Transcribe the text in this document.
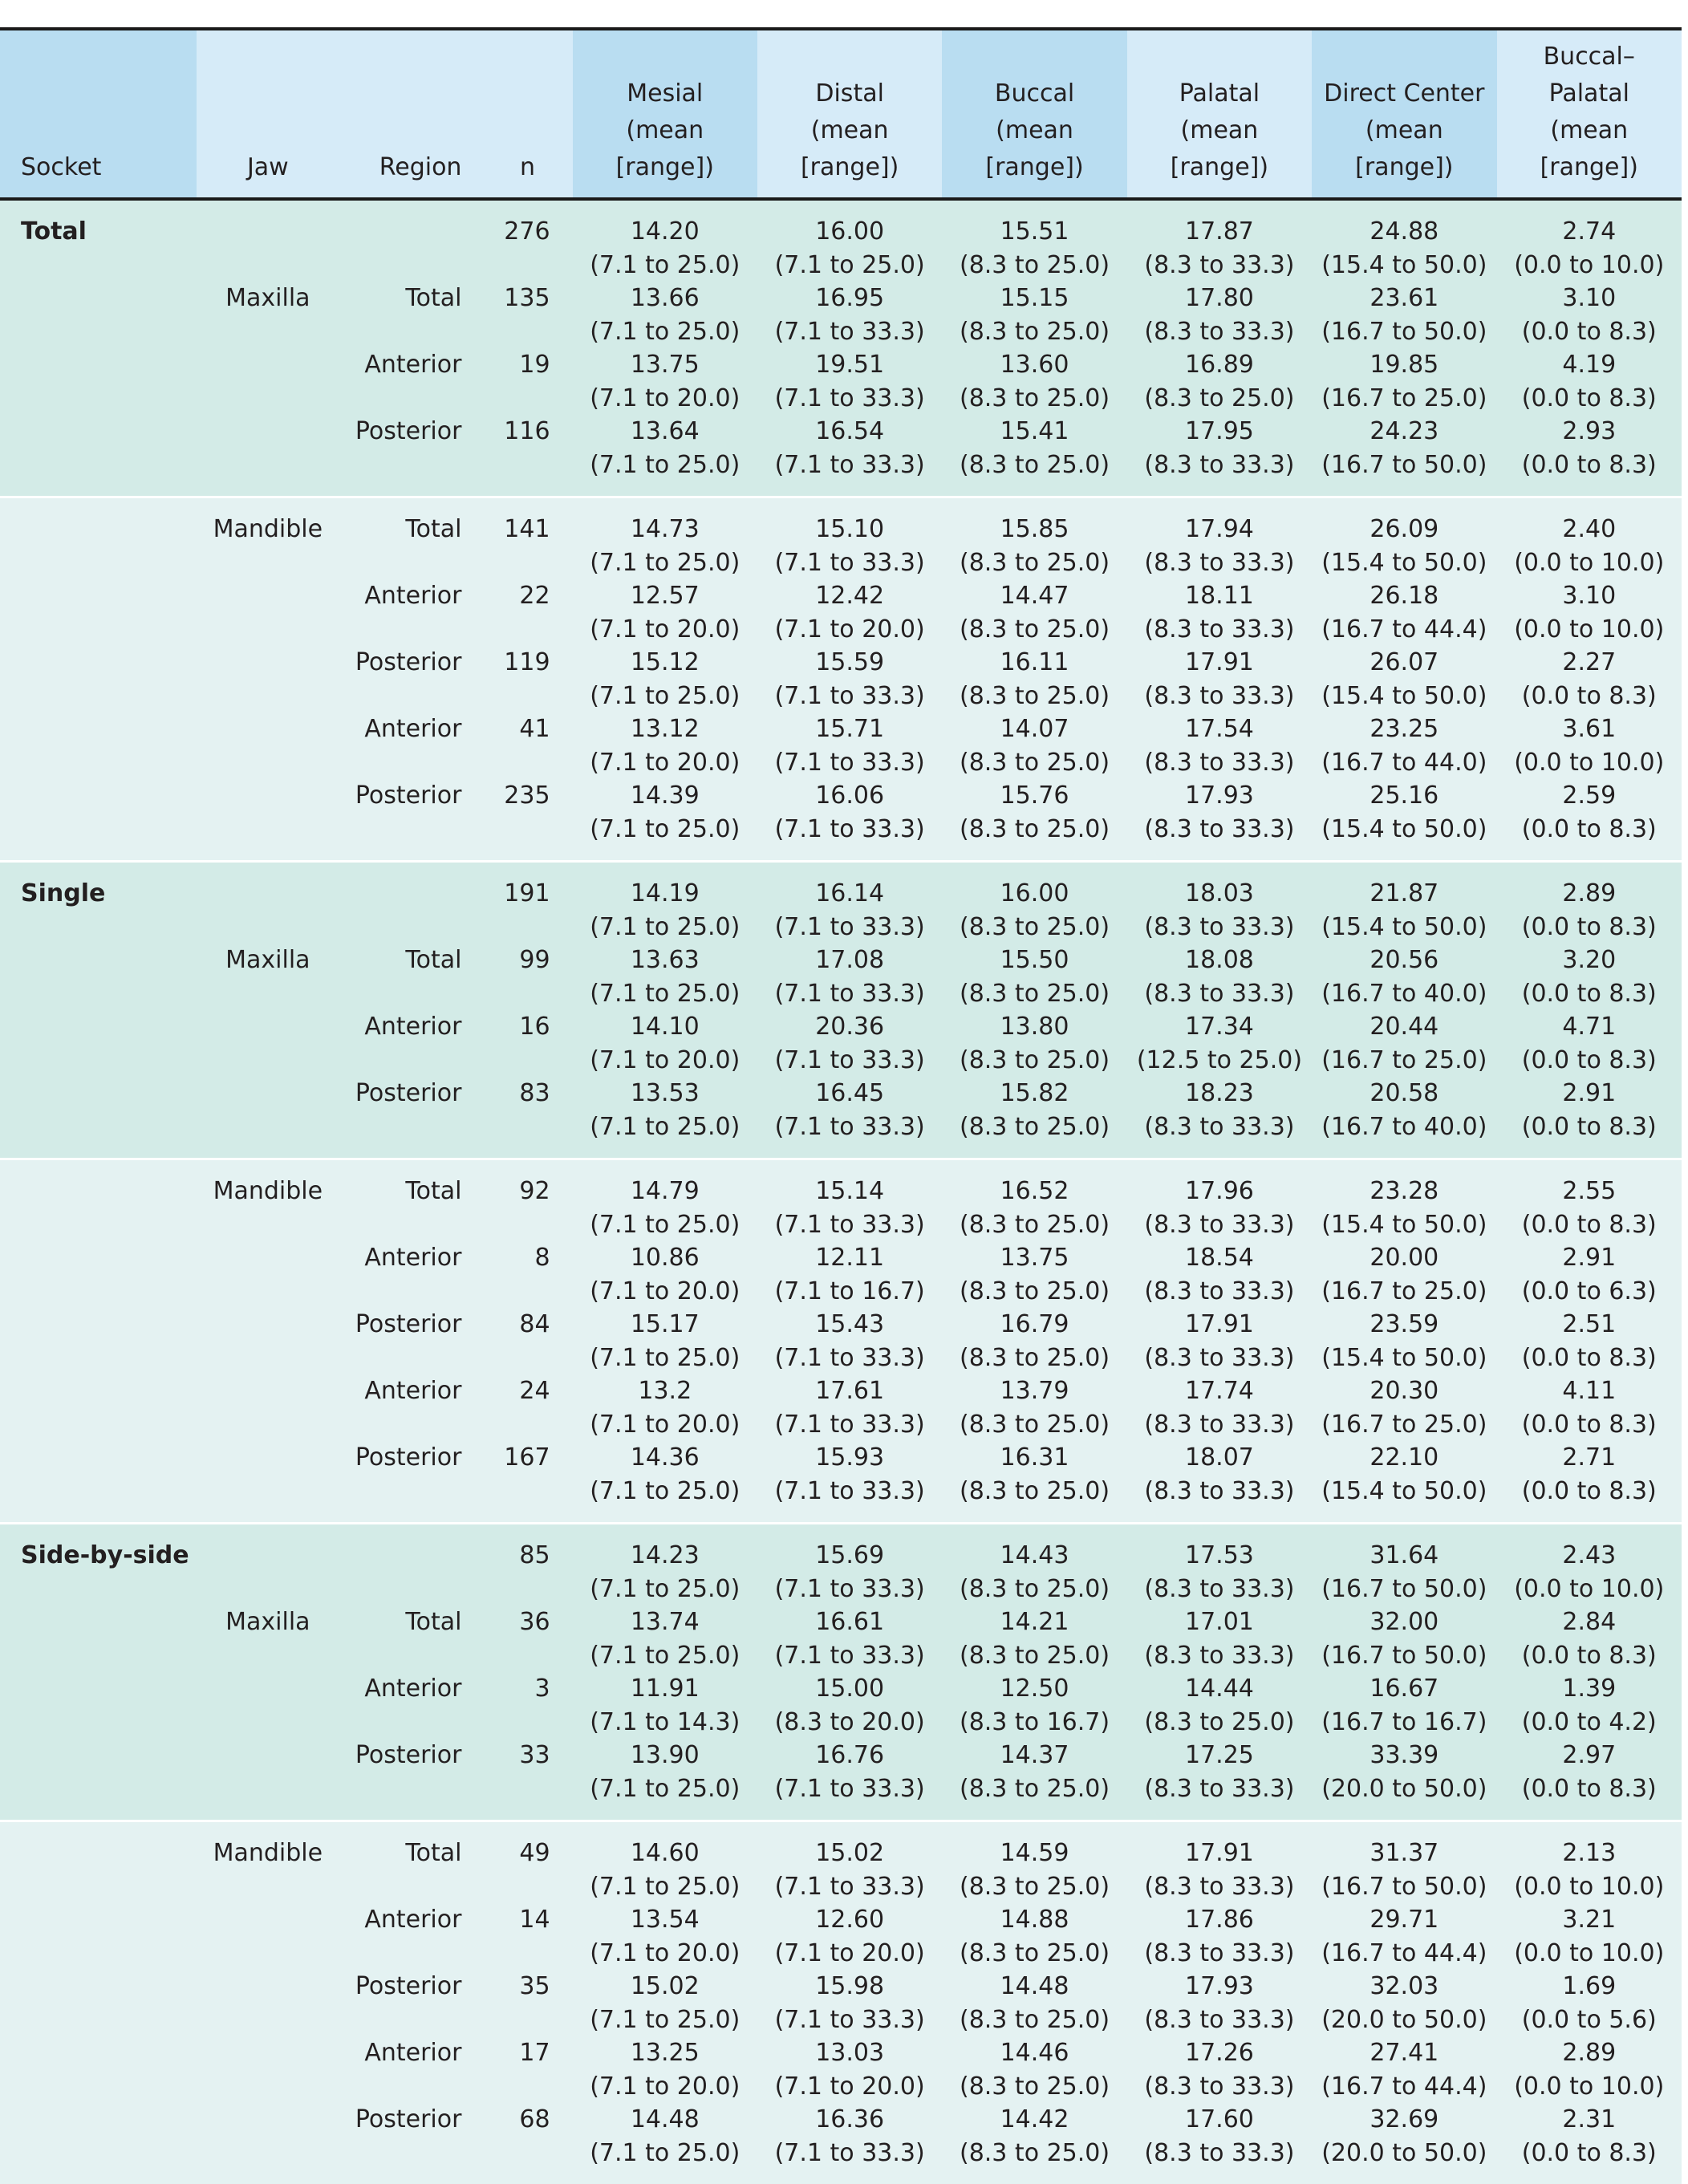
Socket	Jaw	Region	n	Mesial
(mean
[range])	Distal
(mean
[range])	Buccal
(mean
[range])	Palatal
(mean
[range])	Direct Center
(mean
[range])	Buccal–Palatal
(mean
[range])

Total			276	14.20
(7.1 to 25.0)	16.00
(7.1 to 25.0)	15.51
(8.3 to 25.0)	17.87
(8.3 to 33.3)	24.88
(15.4 to 50.0)	2.74
(0.0 to 10.0)

	Maxilla	Total	135	13.66
(7.1 to 25.0)	16.95
(7.1 to 33.3)	15.15
(8.3 to 25.0)	17.80
(8.3 to 33.3)	23.61
(16.7 to 50.0)	3.10
(0.0 to 8.3)

		Anterior	19	13.75
(7.1 to 20.0)	19.51
(7.1 to 33.3)	13.60
(8.3 to 25.0)	16.89
(8.3 to 25.0)	19.85
(16.7 to 25.0)	4.19
(0.0 to 8.3)

		Posterior	116	13.64
(7.1 to 25.0)	16.54
(7.1 to 33.3)	15.41
(8.3 to 25.0)	17.95
(8.3 to 33.3)	24.23
(16.7 to 50.0)	2.93
(0.0 to 8.3)

	Mandible	Total	141	14.73
(7.1 to 25.0)	15.10
(7.1 to 33.3)	15.85
(8.3 to 25.0)	17.94
(8.3 to 33.3)	26.09
(15.4 to 50.0)	2.40
(0.0 to 10.0)

		Anterior	22	12.57
(7.1 to 20.0)	12.42
(7.1 to 20.0)	14.47
(8.3 to 25.0)	18.11
(8.3 to 33.3)	26.18
(16.7 to 44.4)	3.10
(0.0 to 10.0)

		Posterior	119	15.12
(7.1 to 25.0)	15.59
(7.1 to 33.3)	16.11
(8.3 to 25.0)	17.91
(8.3 to 33.3)	26.07
(15.4 to 50.0)	2.27
(0.0 to 8.3)

		Anterior	41	13.12
(7.1 to 20.0)	15.71
(7.1 to 33.3)	14.07
(8.3 to 25.0)	17.54
(8.3 to 33.3)	23.25
(16.7 to 44.0)	3.61
(0.0 to 10.0)

		Posterior	235	14.39
(7.1 to 25.0)	16.06
(7.1 to 33.3)	15.76
(8.3 to 25.0)	17.93
(8.3 to 33.3)	25.16
(15.4 to 50.0)	2.59
(0.0 to 8.3)

Single			191	14.19
(7.1 to 25.0)	16.14
(7.1 to 33.3)	16.00
(8.3 to 25.0)	18.03
(8.3 to 33.3)	21.87
(15.4 to 50.0)	2.89
(0.0 to 8.3)

	Maxilla	Total	99	13.63
(7.1 to 25.0)	17.08
(7.1 to 33.3)	15.50
(8.3 to 25.0)	18.08
(8.3 to 33.3)	20.56
(16.7 to 40.0)	3.20
(0.0 to 8.3)

		Anterior	16	14.10
(7.1 to 20.0)	20.36
(7.1 to 33.3)	13.80
(8.3 to 25.0)	17.34
(12.5 to 25.0)	20.44
(16.7 to 25.0)	4.71
(0.0 to 8.3)

		Posterior	83	13.53
(7.1 to 25.0)	16.45
(7.1 to 33.3)	15.82
(8.3 to 25.0)	18.23
(8.3 to 33.3)	20.58
(16.7 to 40.0)	2.91
(0.0 to 8.3)

	Mandible	Total	92	14.79
(7.1 to 25.0)	15.14
(7.1 to 33.3)	16.52
(8.3 to 25.0)	17.96
(8.3 to 33.3)	23.28
(15.4 to 50.0)	2.55
(0.0 to 8.3)

		Anterior	8	10.86
(7.1 to 20.0)	12.11
(7.1 to 16.7)	13.75
(8.3 to 25.0)	18.54
(8.3 to 33.3)	20.00
(16.7 to 25.0)	2.91
(0.0 to 6.3)

		Posterior	84	15.17
(7.1 to 25.0)	15.43
(7.1 to 33.3)	16.79
(8.3 to 25.0)	17.91
(8.3 to 33.3)	23.59
(15.4 to 50.0)	2.51
(0.0 to 8.3)

		Anterior	24	13.2
(7.1 to 20.0)	17.61
(7.1 to 33.3)	13.79
(8.3 to 25.0)	17.74
(8.3 to 33.3)	20.30
(16.7 to 25.0)	4.11
(0.0 to 8.3)

		Posterior	167	14.36
(7.1 to 25.0)	15.93
(7.1 to 33.3)	16.31
(8.3 to 25.0)	18.07
(8.3 to 33.3)	22.10
(15.4 to 50.0)	2.71
(0.0 to 8.3)

Side-by-side			85	14.23
(7.1 to 25.0)	15.69
(7.1 to 33.3)	14.43
(8.3 to 25.0)	17.53
(8.3 to 33.3)	31.64
(16.7 to 50.0)	2.43
(0.0 to 10.0)

	Maxilla	Total	36	13.74
(7.1 to 25.0)	16.61
(7.1 to 33.3)	14.21
(8.3 to 25.0)	17.01
(8.3 to 33.3)	32.00
(16.7 to 50.0)	2.84
(0.0 to 8.3)

		Anterior	3	11.91
(7.1 to 14.3)	15.00
(8.3 to 20.0)	12.50
(8.3 to 16.7)	14.44
(8.3 to 25.0)	16.67
(16.7 to 16.7)	1.39
(0.0 to 4.2)

		Posterior	33	13.90
(7.1 to 25.0)	16.76
(7.1 to 33.3)	14.37
(8.3 to 25.0)	17.25
(8.3 to 33.3)	33.39
(20.0 to 50.0)	2.97
(0.0 to 8.3)

	Mandible	Total	49	14.60
(7.1 to 25.0)	15.02
(7.1 to 33.3)	14.59
(8.3 to 25.0)	17.91
(8.3 to 33.3)	31.37
(16.7 to 50.0)	2.13
(0.0 to 10.0)

		Anterior	14	13.54
(7.1 to 20.0)	12.60
(7.1 to 20.0)	14.88
(8.3 to 25.0)	17.86
(8.3 to 33.3)	29.71
(16.7 to 44.4)	3.21
(0.0 to 10.0)

		Posterior	35	15.02
(7.1 to 25.0)	15.98
(7.1 to 33.3)	14.48
(8.3 to 25.0)	17.93
(8.3 to 33.3)	32.03
(20.0 to 50.0)	1.69
(0.0 to 5.6)

		Anterior	17	13.25
(7.1 to 20.0)	13.03
(7.1 to 20.0)	14.46
(8.3 to 25.0)	17.26
(8.3 to 33.3)	27.41
(16.7 to 44.4)	2.89
(0.0 to 10.0)

		Posterior	68	14.48
(7.1 to 25.0)	16.36
(7.1 to 33.3)	14.42
(8.3 to 25.0)	17.60
(8.3 to 33.3)	32.69
(20.0 to 50.0)	2.31
(0.0 to 8.3)
